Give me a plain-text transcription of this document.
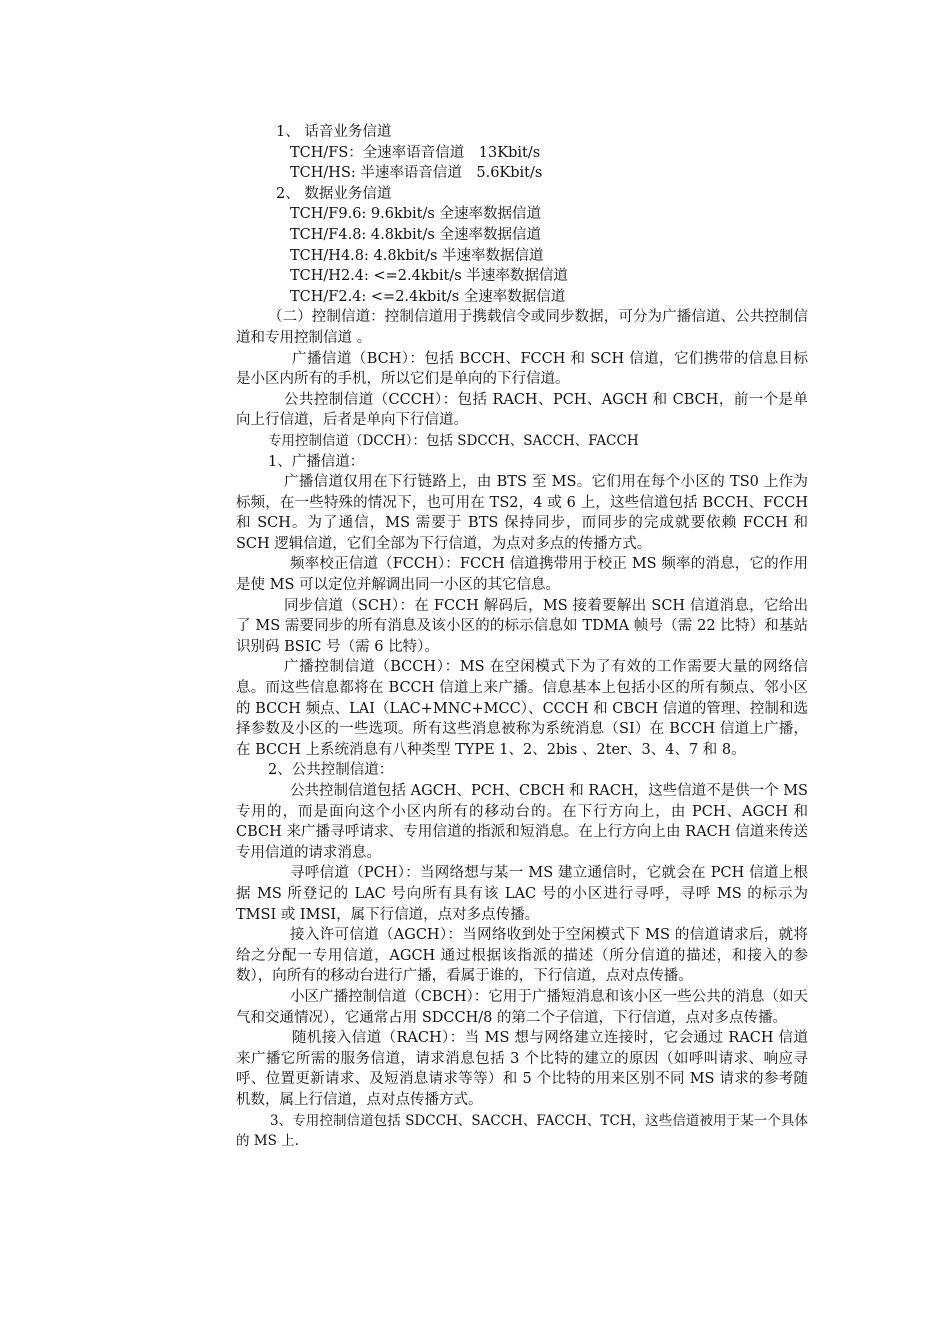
1、 话音业务信道
TCH/FS：全速率语音信道　13Kbit/s
TCH/HS: 半速率语音信道　5.6Kbit/s
2、 数据业务信道
TCH/F9.6: 9.6kbit/s 全速率数据信道
TCH/F4.8: 4.8kbit/s 全速率数据信道
TCH/H4.8: 4.8kbit/s 半速率数据信道
TCH/H2.4: <=2.4kbit/s 半速率数据信道
TCH/F2.4: <=2.4kbit/s 全速率数据信道
（二）控制信道：控制信道用于携载信令或同步数据，可分为广播信道、公共控制信道和专用控制信道 。
广播信道（BCH）：包括 BCCH、FCCH 和 SCH 信道，它们携带的信息目标是小区内所有的手机，所以它们是单向的下行信道。
公共控制信道（CCCH）：包括 RACH、PCH、AGCH 和 CBCH，前一个是单向上行信道，后者是单向下行信道。
专用控制信道（DCCH）：包括 SDCCH、SACCH、FACCH
1、广播信道：
广播信道仅用在下行链路上，由 BTS 至 MS。它们用在每个小区的 TS0 上作为标频，在一些特殊的情况下，也可用在 TS2，4 或 6 上，这些信道包括 BCCH、FCCH 和 SCH。为了通信，MS 需要于 BTS 保持同步，而同步的完成就要依赖 FCCH 和 SCH 逻辑信道，它们全部为下行信道，为点对多点的传播方式。
频率校正信道（FCCH）：FCCH 信道携带用于校正 MS 频率的消息，它的作用是使 MS 可以定位并解调出同一小区的其它信息。
同步信道（SCH）：在 FCCH 解码后，MS 接着要解出 SCH 信道消息，它给出了 MS 需要同步的所有消息及该小区的的标示信息如 TDMA 帧号（需 22 比特）和基站识别码 BSIC 号（需 6 比特）。
广播控制信道（BCCH）：MS 在空闲模式下为了有效的工作需要大量的网络信息。而这些信息都将在 BCCH 信道上来广播。信息基本上包括小区的所有频点、邻小区的 BCCH 频点、LAI（LAC+MNC+MCC）、CCCH 和 CBCH 信道的管理、控制和选择参数及小区的一些选项。所有这些消息被称为系统消息（SI）在 BCCH 信道上广播，在 BCCH 上系统消息有八种类型 TYPE 1、2、2bis 、2ter、3、4、7 和 8。
2、公共控制信道：
公共控制信道包括 AGCH、PCH、CBCH 和 RACH，这些信道不是供一个 MS 专用的，而是面向这个小区内所有的移动台的。在下行方向上，由 PCH、AGCH 和 CBCH 来广播寻呼请求、专用信道的指派和短消息。在上行方向上由 RACH 信道来传送专用信道的请求消息。
寻呼信道（PCH）：当网络想与某一 MS 建立通信时，它就会在 PCH 信道上根据 MS 所登记的 LAC 号向所有具有该 LAC 号的小区进行寻呼，寻呼 MS 的标示为 TMSI 或 IMSI，属下行信道，点对多点传播。
接入许可信道（AGCH）：当网络收到处于空闲模式下 MS 的信道请求后，就将给之分配一专用信道，AGCH 通过根据该指派的描述（所分信道的描述，和接入的参数），向所有的移动台进行广播，看属于谁的，下行信道，点对点传播。
小区广播控制信道（CBCH）：它用于广播短消息和该小区一些公共的消息（如天气和交通情况），它通常占用 SDCCH/8 的第二个子信道，下行信道，点对多点传播。
随机接入信道（RACH）：当 MS 想与网络建立连接时，它会通过 RACH 信道来广播它所需的服务信道，请求消息包括 3 个比特的建立的原因（如呼叫请求、响应寻呼、位置更新请求、及短消息请求等等）和 5 个比特的用来区别不同 MS 请求的参考随机数，属上行信道，点对点传播方式。
3、专用控制信道包括 SDCCH、SACCH、FACCH、TCH，这些信道被用于某一个具体的 MS 上.
